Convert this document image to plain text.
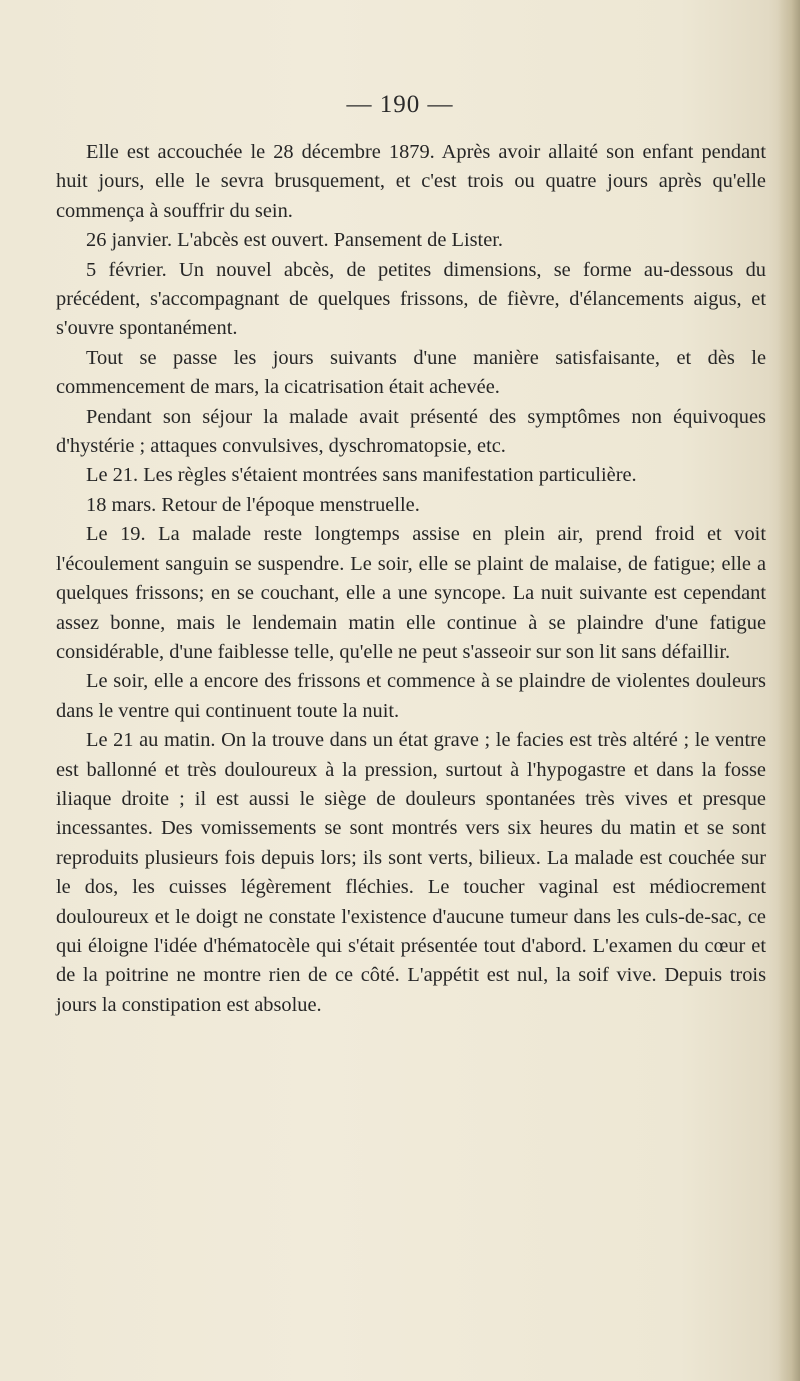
— 190 —

Elle est accouchée le 28 décembre 1879. Après avoir allaité son enfant pendant huit jours, elle le sevra brusquement, et c'est trois ou quatre jours après qu'elle commença à souffrir du sein.

26 janvier. L'abcès est ouvert. Pansement de Lister.

5 février. Un nouvel abcès, de petites dimensions, se forme au-dessous du précédent, s'accompagnant de quelques frissons, de fièvre, d'élancements aigus, et s'ouvre spontanément.

Tout se passe les jours suivants d'une manière satisfaisante, et dès le commencement de mars, la cicatrisation était achevée.

Pendant son séjour la malade avait présenté des symptômes non équivoques d'hystérie ; attaques convulsives, dyschromatopsie, etc.

Le 21. Les règles s'étaient montrées sans manifestation particulière.

18 mars. Retour de l'époque menstruelle.

Le 19. La malade reste longtemps assise en plein air, prend froid et voit l'écoulement sanguin se suspendre. Le soir, elle se plaint de malaise, de fatigue; elle a quelques frissons; en se couchant, elle a une syncope. La nuit suivante est cependant assez bonne, mais le lendemain matin elle continue à se plaindre d'une fatigue considérable, d'une faiblesse telle, qu'elle ne peut s'asseoir sur son lit sans défaillir.

Le soir, elle a encore des frissons et commence à se plaindre de violentes douleurs dans le ventre qui continuent toute la nuit.

Le 21 au matin. On la trouve dans un état grave ; le facies est très altéré ; le ventre est ballonné et très douloureux à la pression, surtout à l'hypogastre et dans la fosse iliaque droite ; il est aussi le siège de douleurs spontanées très vives et presque incessantes. Des vomissements se sont montrés vers six heures du matin et se sont reproduits plusieurs fois depuis lors; ils sont verts, bilieux. La malade est couchée sur le dos, les cuisses légèrement fléchies. Le toucher vaginal est médiocrement douloureux et le doigt ne constate l'existence d'aucune tumeur dans les culs-de-sac, ce qui éloigne l'idée d'hématocèle qui s'était présentée tout d'abord. L'examen du cœur et de la poitrine ne montre rien de ce côté. L'appétit est nul, la soif vive. Depuis trois jours la constipation est absolue.
